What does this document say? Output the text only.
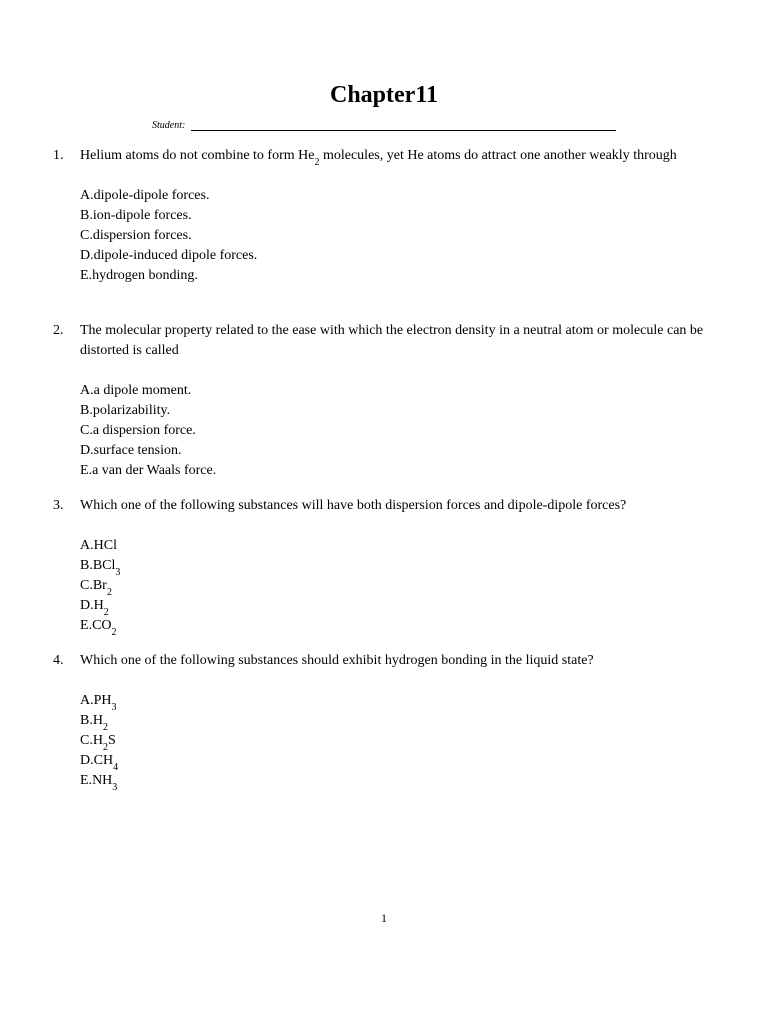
Chapter11
Student:
1. Helium atoms do not combine to form $He_2$ molecules, yet He atoms do attract one another weakly through
A.dipole-dipole forces.
B.ion-dipole forces.
C.dispersion forces.
D.dipole-induced dipole forces.
E.hydrogen bonding.
2. The molecular property related to the ease with which the electron density in a neutral atom or molecule can be distorted is called
A.a dipole moment.
B.polarizability.
C.a dispersion force.
D.surface tension.
E.a van der Waals force.
3. Which one of the following substances will have both dispersion forces and dipole-dipole forces?
A.HCl
B.BCl$_3$
$C.Br_2$
$D.H_2$
$E.CO_2$
4. Which one of the following substances should exhibit hydrogen bonding in the liquid state?
$A.PH_3$
$B.H_2$
$C.H_2S$
$D.CH_4$
$E.NH_3$
1
